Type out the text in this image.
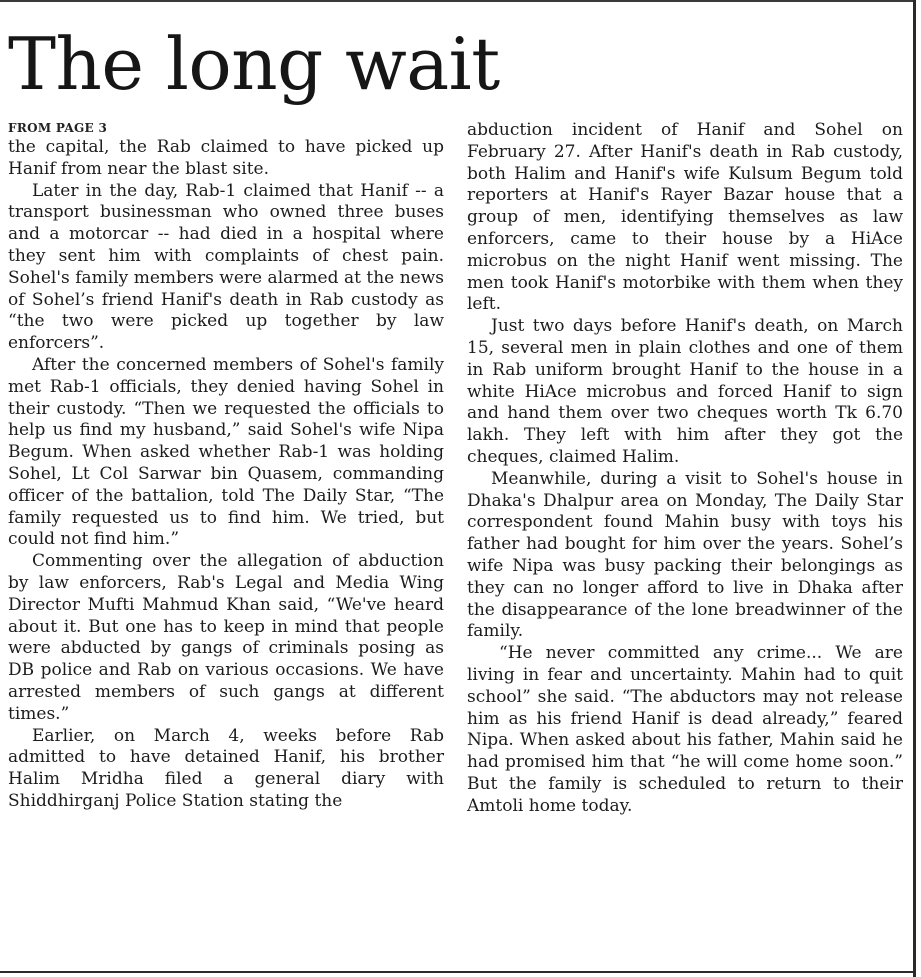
The long wait

FROM PAGE 3

the capital, the Rab claimed to have picked up Hanif from near the blast site.

Later in the day, Rab-1 claimed that Hanif -- a transport businessman who owned three buses and a motorcar -- had died in a hospital where they sent him with complaints of chest pain. Sohel's family members were alarmed at the news of Sohel’s friend Hanif's death in Rab custody as “the two were picked up together by law enforcers”.

After the concerned members of Sohel's family met Rab-1 officials, they denied having Sohel in their custody. “Then we requested the officials to help us find my husband,” said Sohel's wife Nipa Begum. When asked whether Rab-1 was holding Sohel, Lt Col Sarwar bin Quasem, commanding officer of the battalion, told The Daily Star, “The family requested us to find him. We tried, but could not find him.”

Commenting over the allegation of abduction by law enforcers, Rab's Legal and Media Wing Director Mufti Mahmud Khan said, “We've heard about it. But one has to keep in mind that people were abducted by gangs of criminals posing as DB police and Rab on various occasions. We have arrested members of such gangs at different times.”

Earlier, on March 4, weeks before Rab admitted to have detained Hanif, his brother Halim Mridha filed a general diary with Shiddhirganj Police Station stating the

abduction incident of Hanif and Sohel on February 27. After Hanif's death in Rab custody, both Halim and Hanif's wife Kulsum Begum told reporters at Hanif's Rayer Bazar house that a group of men, identifying themselves as law enforcers, came to their house by a HiAce microbus on the night Hanif went missing. The men took Hanif's motorbike with them when they left.

Just two days before Hanif's death, on March 15, several men in plain clothes and one of them in Rab uniform brought Hanif to the house in a white HiAce microbus and forced Hanif to sign and hand them over two cheques worth Tk 6.70 lakh. They left with him after they got the cheques, claimed Halim.

Meanwhile, during a visit to Sohel's house in Dhaka's Dhalpur area on Monday, The Daily Star correspondent found Mahin busy with toys his father had bought for him over the years. Sohel’s wife Nipa was busy packing their belongings as they can no longer afford to live in Dhaka after the disappearance of the lone breadwinner of the family.

“He never committed any crime... We are living in fear and uncertainty. Mahin had to quit school” she said. “The abductors may not release him as his friend Hanif is dead already,” feared Nipa. When asked about his father, Mahin said he had promised him that “he will come home soon.” But the family is scheduled to return to their Amtoli home today.
